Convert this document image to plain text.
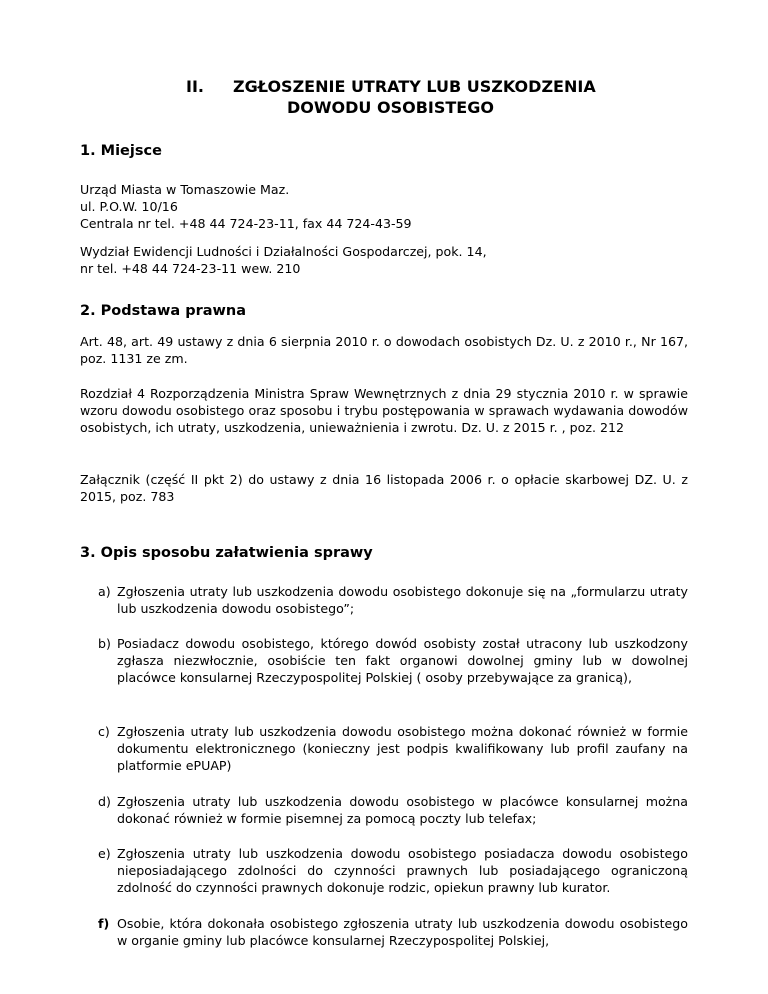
II. ZGŁOSZENIE UTRATY LUB USZKODZENIA
DOWODU OSOBISTEGO
1. Miejsce
Urząd Miasta w Tomaszowie Maz.
ul. P.O.W. 10/16
Centrala nr tel. +48 44 724-23-11, fax 44 724-43-59
Wydział Ewidencji Ludności i Działalności Gospodarczej, pok. 14,
nr tel. +48 44 724-23-11 wew. 210
2. Podstawa prawna
Art. 48, art. 49 ustawy z dnia 6 sierpnia 2010 r. o dowodach osobistych Dz. U. z 2010 r., Nr 167, poz. 1131 ze zm.
Rozdział 4 Rozporządzenia Ministra Spraw Wewnętrznych z dnia 29 stycznia 2010 r. w sprawie wzoru dowodu osobistego oraz sposobu i trybu postępowania w sprawach wydawania dowodów osobistych, ich utraty, uszkodzenia, unieważnienia i zwrotu. Dz. U. z 2015 r. , poz. 212
Załącznik (część II pkt 2) do ustawy z dnia 16 listopada 2006 r. o opłacie skarbowej DZ. U. z 2015, poz. 783
3. Opis sposobu załatwienia sprawy
a) Zgłoszenia utraty lub uszkodzenia dowodu osobistego dokonuje się na „formularzu utraty lub uszkodzenia dowodu osobistego”;
b) Posiadacz dowodu osobistego, którego dowód osobisty został utracony lub uszkodzony zgłasza niezwłocznie, osobiście ten fakt organowi dowolnej gminy lub w dowolnej placówce konsularnej Rzeczypospolitej Polskiej ( osoby przebywające za granicą),
c) Zgłoszenia utraty lub uszkodzenia dowodu osobistego można dokonać również w formie dokumentu elektronicznego (konieczny jest podpis kwalifikowany lub profil zaufany na platformie ePUAP)
d) Zgłoszenia utraty lub uszkodzenia dowodu osobistego w placówce konsularnej można dokonać również w formie pisemnej za pomocą poczty lub telefax;
e) Zgłoszenia utraty lub uszkodzenia dowodu osobistego posiadacza dowodu osobistego nieposiadającego zdolności do czynności prawnych lub posiadającego ograniczoną zdolność do czynności prawnych dokonuje rodzic, opiekun prawny lub kurator.
f) Osobie, która dokonała osobistego zgłoszenia utraty lub uszkodzenia dowodu osobistego w organie gminy lub placówce konsularnej Rzeczypospolitej Polskiej,
